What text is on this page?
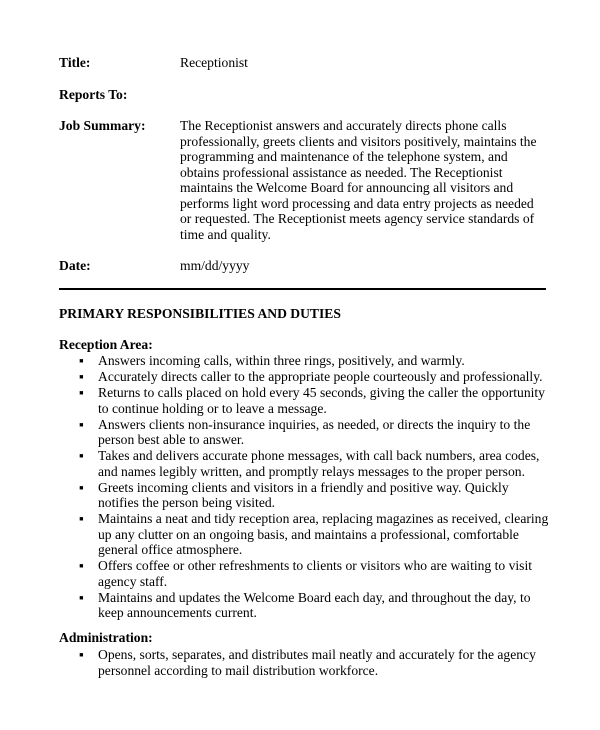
Title:	Receptionist
Reports To:
Job Summary:	The Receptionist answers and accurately directs phone calls professionally, greets clients and visitors positively, maintains the programming and maintenance of the telephone system, and obtains professional assistance as needed. The Receptionist maintains the Welcome Board for announcing all visitors and performs light word processing and data entry projects as needed or requested. The Receptionist meets agency service standards of time and quality.
Date:	mm/dd/yyyy
PRIMARY RESPONSIBILITIES AND DUTIES
Reception Area:
▪ Answers incoming calls, within three rings, positively, and warmly.
▪ Accurately directs caller to the appropriate people courteously and professionally.
▪ Returns to calls placed on hold every 45 seconds, giving the caller the opportunity to continue holding or to leave a message.
▪ Answers clients non-insurance inquiries, as needed, or directs the inquiry to the person best able to answer.
▪ Takes and delivers accurate phone messages, with call back numbers, area codes, and names legibly written, and promptly relays messages to the proper person.
▪ Greets incoming clients and visitors in a friendly and positive way. Quickly notifies the person being visited.
▪ Maintains a neat and tidy reception area, replacing magazines as received, clearing up any clutter on an ongoing basis, and maintains a professional, comfortable general office atmosphere.
▪ Offers coffee or other refreshments to clients or visitors who are waiting to visit agency staff.
▪ Maintains and updates the Welcome Board each day, and throughout the day, to keep announcements current.
Administration:
▪ Opens, sorts, separates, and distributes mail neatly and accurately for the agency personnel according to mail distribution workforce.
